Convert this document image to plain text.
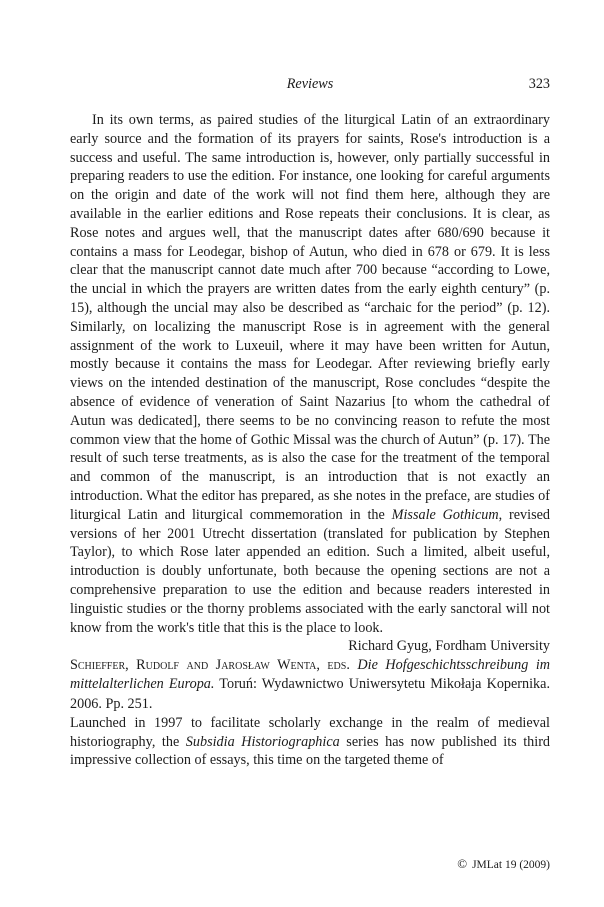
Reviews	323

In its own terms, as paired studies of the liturgical Latin of an extraordinary early source and the formation of its prayers for saints, Rose's introduction is a success and useful. The same introduction is, however, only partially successful in preparing readers to use the edition. For instance, one looking for careful arguments on the origin and date of the work will not find them here, although they are available in the earlier editions and Rose repeats their conclusions. It is clear, as Rose notes and argues well, that the manuscript dates after 680/690 because it contains a mass for Leodegar, bishop of Autun, who died in 678 or 679. It is less clear that the manuscript cannot date much after 700 because “according to Lowe, the uncial in which the prayers are written dates from the early eighth century” (p. 15), although the uncial may also be described as “archaic for the period” (p. 12). Similarly, on localizing the manuscript Rose is in agreement with the general assignment of the work to Luxeuil, where it may have been written for Autun, mostly because it contains the mass for Leodegar. After reviewing briefly early views on the intended destination of the manuscript, Rose concludes “despite the absence of evidence of veneration of Saint Nazarius [to whom the cathedral of Autun was dedicated], there seems to be no convincing reason to refute the most common view that the home of Gothic Missal was the church of Autun” (p. 17). The result of such terse treatments, as is also the case for the treatment of the temporal and common of the manuscript, is an introduction that is not exactly an introduction. What the editor has prepared, as she notes in the preface, are studies of liturgical Latin and liturgical commemoration in the Missale Gothicum, revised versions of her 2001 Utrecht dissertation (translated for publication by Stephen Taylor), to which Rose later appended an edition. Such a limited, albeit useful, introduction is doubly unfortunate, both because the opening sections are not a comprehensive preparation to use the edition and because readers interested in linguistic studies or the thorny problems associated with the early sanctoral will not know from the work's title that this is the place to look.

Richard Gyug, Fordham University

Schieffer, Rudolf and Jarosław Wenta, eds. Die Hofgeschichtsschreibung im mittelalterlichen Europa. Toruń: Wydawnictwo Uniwersytetu Mikołaja Kopernika. 2006. Pp. 251.

Launched in 1997 to facilitate scholarly exchange in the realm of medieval historiography, the Subsidia Historiographica series has now published its third impressive collection of essays, this time on the targeted theme of

© JMLat 19 (2009)
